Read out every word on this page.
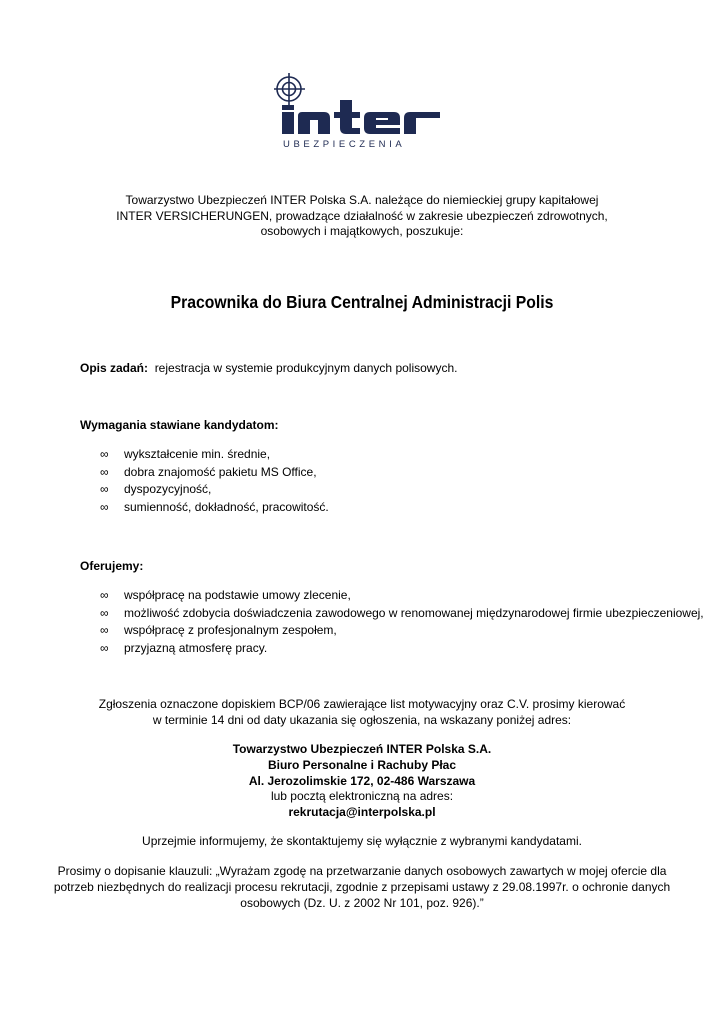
UBEZPIECZENIA
Towarzystwo Ubezpieczeń INTER Polska S.A. należące do niemieckiej grupy kapitałowej
INTER VERSICHERUNGEN, prowadzące działalność w zakresie ubezpieczeń zdrowotnych,
osobowych i majątkowych, poszukuje:
Pracownika do Biura Centralnej Administracji Polis
Opis zadań: rejestracja w systemie produkcyjnym danych polisowych.
Wymagania stawiane kandydatom:
∞	wykształcenie min. średnie,
∞	dobra znajomość pakietu MS Office,
∞	dyspozycyjność,
∞	sumienność, dokładność, pracowitość.
Oferujemy:
∞	współpracę na podstawie umowy zlecenie,
∞	możliwość zdobycia doświadczenia zawodowego w renomowanej międzynarodowej firmie ubezpieczeniowej,
∞	współpracę z profesjonalnym zespołem,
∞	przyjazną atmosferę pracy.
Zgłoszenia oznaczone dopiskiem BCP/06 zawierające list motywacyjny oraz C.V. prosimy kierować
w terminie 14 dni od daty ukazania się ogłoszenia, na wskazany poniżej adres:
Towarzystwo Ubezpieczeń INTER Polska S.A.
Biuro Personalne i Rachuby Płac
Al. Jerozolimskie 172, 02-486 Warszawa
lub pocztą elektroniczną na adres:
rekrutacja@interpolska.pl
Uprzejmie informujemy, że skontaktujemy się wyłącznie z wybranymi kandydatami.
Prosimy o dopisanie klauzuli: „Wyrażam zgodę na przetwarzanie danych osobowych zawartych w mojej ofercie dla
potrzeb niezbędnych do realizacji procesu rekrutacji, zgodnie z przepisami ustawy z 29.08.1997r. o ochronie danych
osobowych (Dz. U. z 2002 Nr 101, poz. 926).”
